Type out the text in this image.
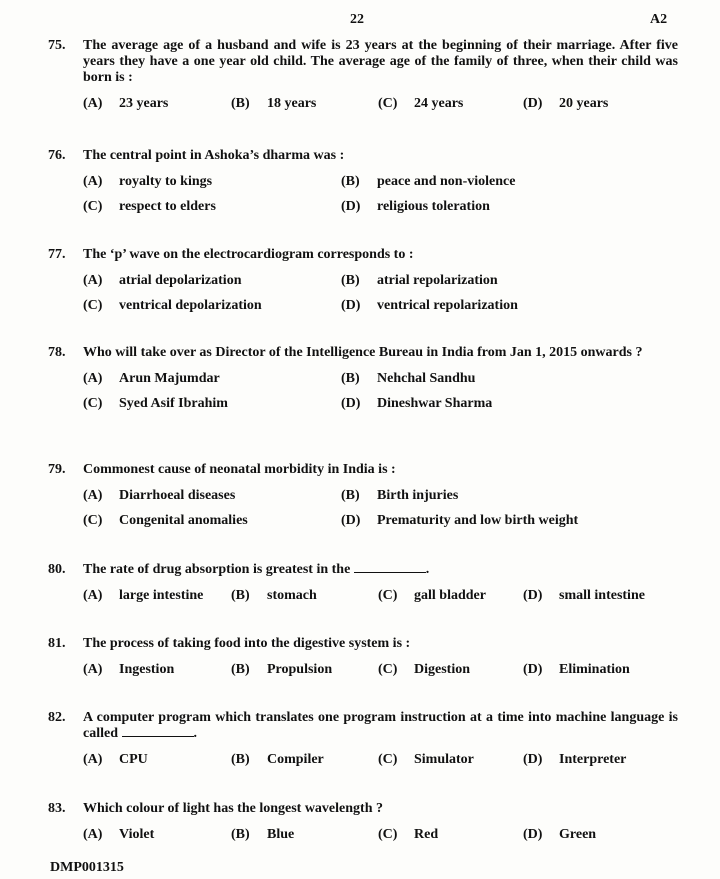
22	A2
75. The average age of a husband and wife is 23 years at the beginning of their marriage. After five years they have a one year old child. The average age of the family of three, when their child was born is :
(A) 23 years	(B) 18 years	(C) 24 years	(D) 20 years
76. The central point in Ashoka’s dharma was :
(A) royalty to kings	(B) peace and non-violence
(C) respect to elders	(D) religious toleration
77. The ‘p’ wave on the electrocardiogram corresponds to :
(A) atrial depolarization	(B) atrial repolarization
(C) ventrical depolarization	(D) ventrical repolarization
78. Who will take over as Director of the Intelligence Bureau in India from Jan 1, 2015 onwards ?
(A) Arun Majumdar	(B) Nehchal Sandhu
(C) Syed Asif Ibrahim	(D) Dineshwar Sharma
79. Commonest cause of neonatal morbidity in India is :
(A) Diarrhoeal diseases	(B) Birth injuries
(C) Congenital anomalies	(D) Prematurity and low birth weight
80. The rate of drug absorption is greatest in the	.
(A) large intestine (B) stomach	(C) gall bladder	(D) small intestine
81. The process of taking food into the digestive system is :
(A) Ingestion	(B) Propulsion	(C) Digestion	(D) Elimination
82. A computer program which translates one program instruction at a time into machine language is called	.
(A) CPU	(B) Compiler	(C) Simulator	(D) Interpreter
83. Which colour of light has the longest wavelength ?
(A) Violet	(B) Blue	(C) Red	(D) Green
DMP001315
